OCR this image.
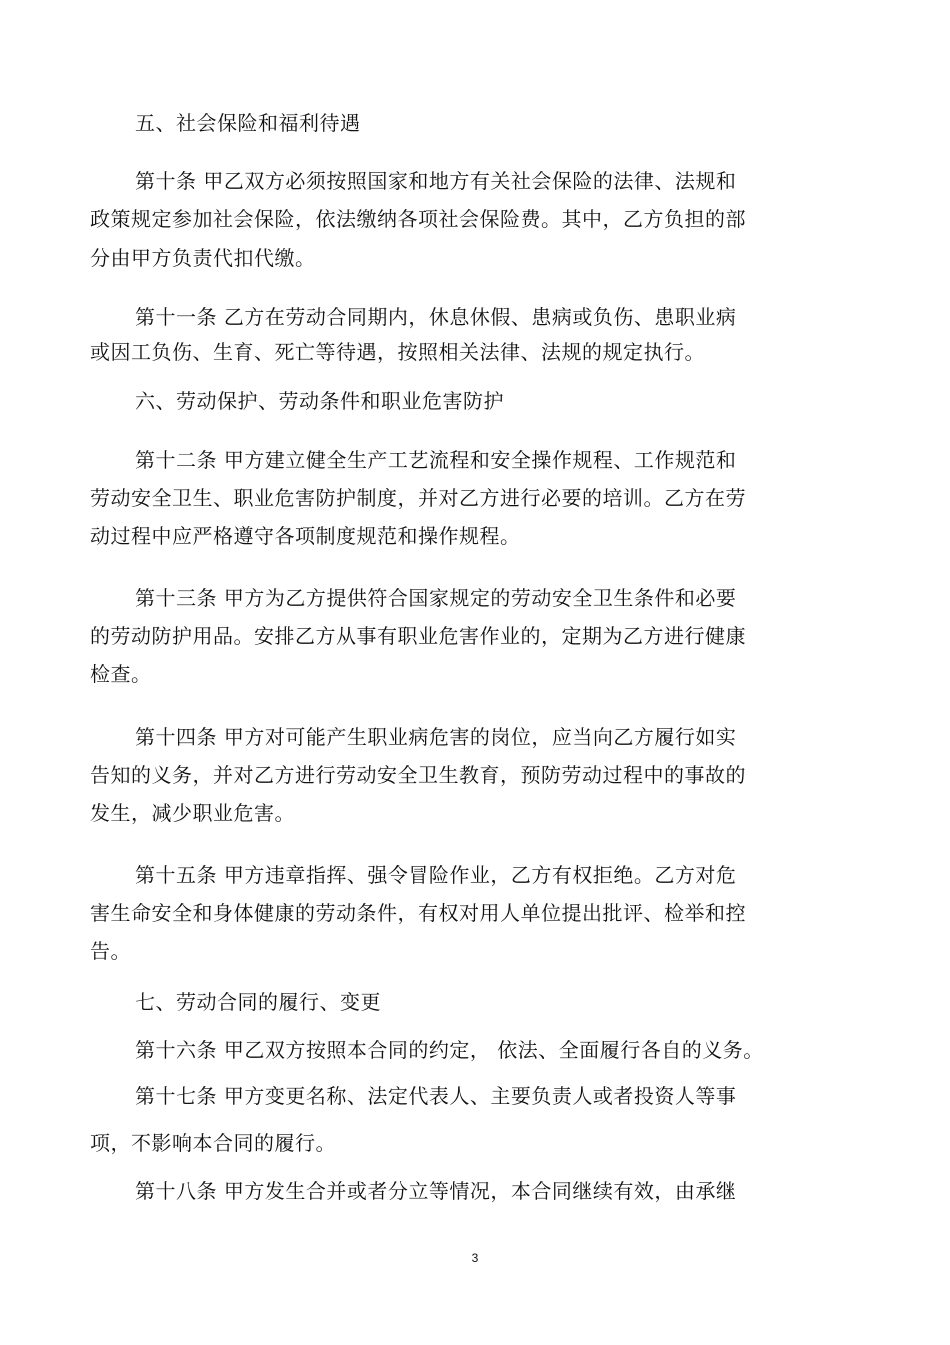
五、社会保险和福利待遇
第十条 甲乙双方必须按照国家和地方有关社会保险的法律、法规和
政策规定参加社会保险，依法缴纳各项社会保险费。其中，乙方负担的部
分由甲方负责代扣代缴。
第十一条 乙方在劳动合同期内，休息休假、患病或负伤、患职业病
或因工负伤、生育、死亡等待遇，按照相关法律、法规的规定执行。
六、劳动保护、劳动条件和职业危害防护
第十二条 甲方建立健全生产工艺流程和安全操作规程、工作规范和
劳动安全卫生、职业危害防护制度，并对乙方进行必要的培训。乙方在劳
动过程中应严格遵守各项制度规范和操作规程。
第十三条 甲方为乙方提供符合国家规定的劳动安全卫生条件和必要
的劳动防护用品。安排乙方从事有职业危害作业的，定期为乙方进行健康
检查。
第十四条 甲方对可能产生职业病危害的岗位，应当向乙方履行如实
告知的义务，并对乙方进行劳动安全卫生教育，预防劳动过程中的事故的
发生，减少职业危害。
第十五条 甲方违章指挥、强令冒险作业，乙方有权拒绝。乙方对危
害生命安全和身体健康的劳动条件，有权对用人单位提出批评、检举和控
告。
七、劳动合同的履行、变更
第十六条 甲乙双方按照本合同的约定， 依法、全面履行各自的义务。
第十七条 甲方变更名称、法定代表人、主要负责人或者投资人等事
项，不影响本合同的履行。
第十八条 甲方发生合并或者分立等情况，本合同继续有效，由承继
3
